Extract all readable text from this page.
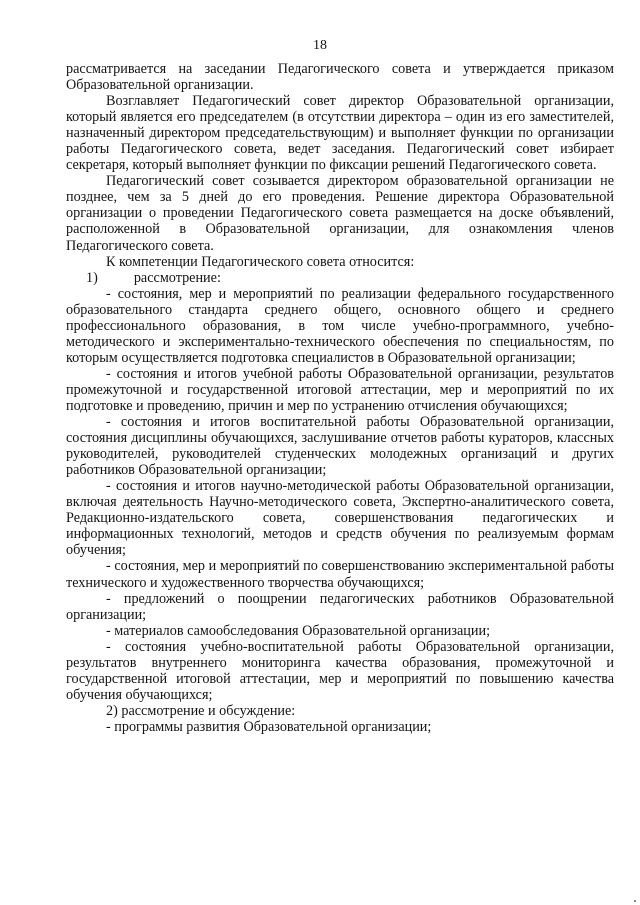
18

рассматривается на заседании Педагогического совета и утверждается приказом Образовательной организации.

Возглавляет Педагогический совет директор Образовательной организации, который является его председателем (в отсутствии директора – один из его заместителей, назначенный директором председательствующим) и выполняет функции по организации работы Педагогического совета, ведет заседания. Педагогический совет избирает секретаря, который выполняет функции по фиксации решений Педагогического совета.

Педагогический совет созывается директором образовательной организации не позднее, чем за 5 дней до его проведения. Решение директора Образовательной организации о проведении Педагогического совета размещается на доске объявлений, расположенной в Образовательной организации, для ознакомления членов Педагогического совета.

К компетенции Педагогического совета относится:

1)	рассмотрение:

- состояния, мер и мероприятий по реализации федерального государственного образовательного стандарта среднего общего, основного общего и среднего профессионального образования, в том числе учебно-программного, учебно-методического и экспериментально-технического обеспечения по специальностям, по которым осуществляется подготовка специалистов в Образовательной организации;

- состояния и итогов учебной работы Образовательной организации, результатов промежуточной и государственной итоговой аттестации, мер и мероприятий по их подготовке и проведению, причин и мер по устранению отчисления обучающихся;

- состояния и итогов воспитательной работы Образовательной организации, состояния дисциплины обучающихся, заслушивание отчетов работы кураторов, классных руководителей, руководителей студенческих молодежных организаций и других работников Образовательной организации;

- состояния и итогов научно-методической работы Образовательной организации, включая деятельность Научно-методического совета, Экспертно-аналитического совета, Редакционно-издательского совета, совершенствования педагогических и информационных технологий, методов и средств обучения по реализуемым формам обучения;

- состояния, мер и мероприятий по совершенствованию экспериментальной работы технического и художественного творчества обучающихся;

- предложений о поощрении педагогических работников Образовательной организации;

- материалов самообследования Образовательной организации;

- состояния учебно-воспитательной работы Образовательной организации, результатов внутреннего мониторинга качества образования, промежуточной и государственной итоговой аттестации, мер и мероприятий по повышению качества обучения обучающихся;

2) рассмотрение и обсуждение:

- программы развития Образовательной организации;
